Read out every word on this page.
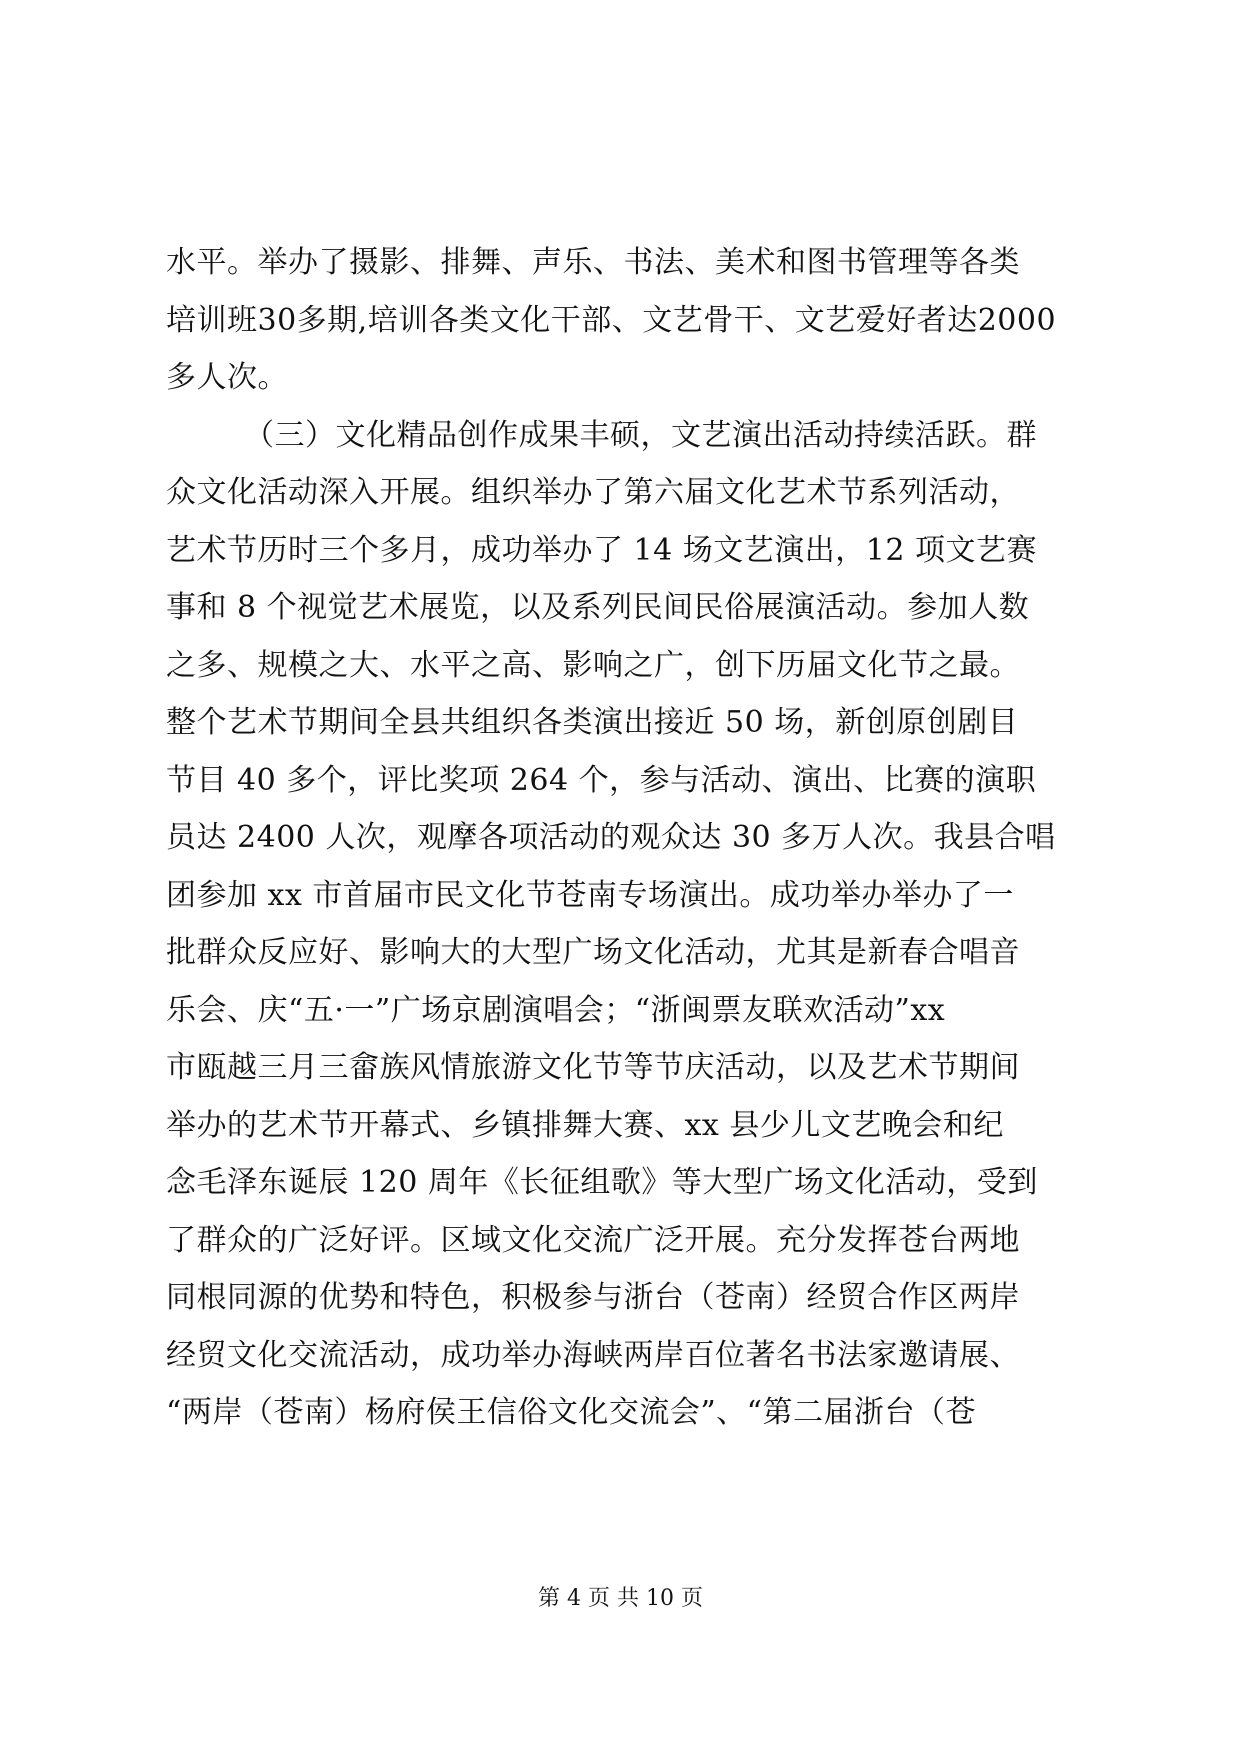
水平。举办了摄影、排舞、声乐、书法、美术和图书管理等各类
培训班30多期,培训各类文化干部、文艺骨干、文艺爱好者达2000
多人次。
（三）文化精品创作成果丰硕，文艺演出活动持续活跃。群
众文化活动深入开展。组织举办了第六届文化艺术节系列活动，
艺术节历时三个多月，成功举办了 14 场文艺演出，12 项文艺赛
事和 8 个视觉艺术展览，以及系列民间民俗展演活动。参加人数
之多、规模之大、水平之高、影响之广，创下历届文化节之最。
整个艺术节期间全县共组织各类演出接近 50 场，新创原创剧目
节目 40 多个，评比奖项 264 个，参与活动、演出、比赛的演职
员达 2400 人次，观摩各项活动的观众达 30 多万人次。我县合唱
团参加 xx 市首届市民文化节苍南专场演出。成功举办举办了一
批群众反应好、影响大的大型广场文化活动，尤其是新春合唱音
乐会、庆“五·一”广场京剧演唱会；“浙闽票友联欢活动”xx
市瓯越三月三畲族风情旅游文化节等节庆活动，以及艺术节期间
举办的艺术节开幕式、乡镇排舞大赛、xx 县少儿文艺晚会和纪
念毛泽东诞辰 120 周年《长征组歌》等大型广场文化活动，受到
了群众的广泛好评。区域文化交流广泛开展。充分发挥苍台两地
同根同源的优势和特色，积极参与浙台（苍南）经贸合作区两岸
经贸文化交流活动，成功举办海峡两岸百位著名书法家邀请展、
“两岸（苍南）杨府侯王信俗文化交流会”、“第二届浙台（苍
第 4 页 共 10 页
